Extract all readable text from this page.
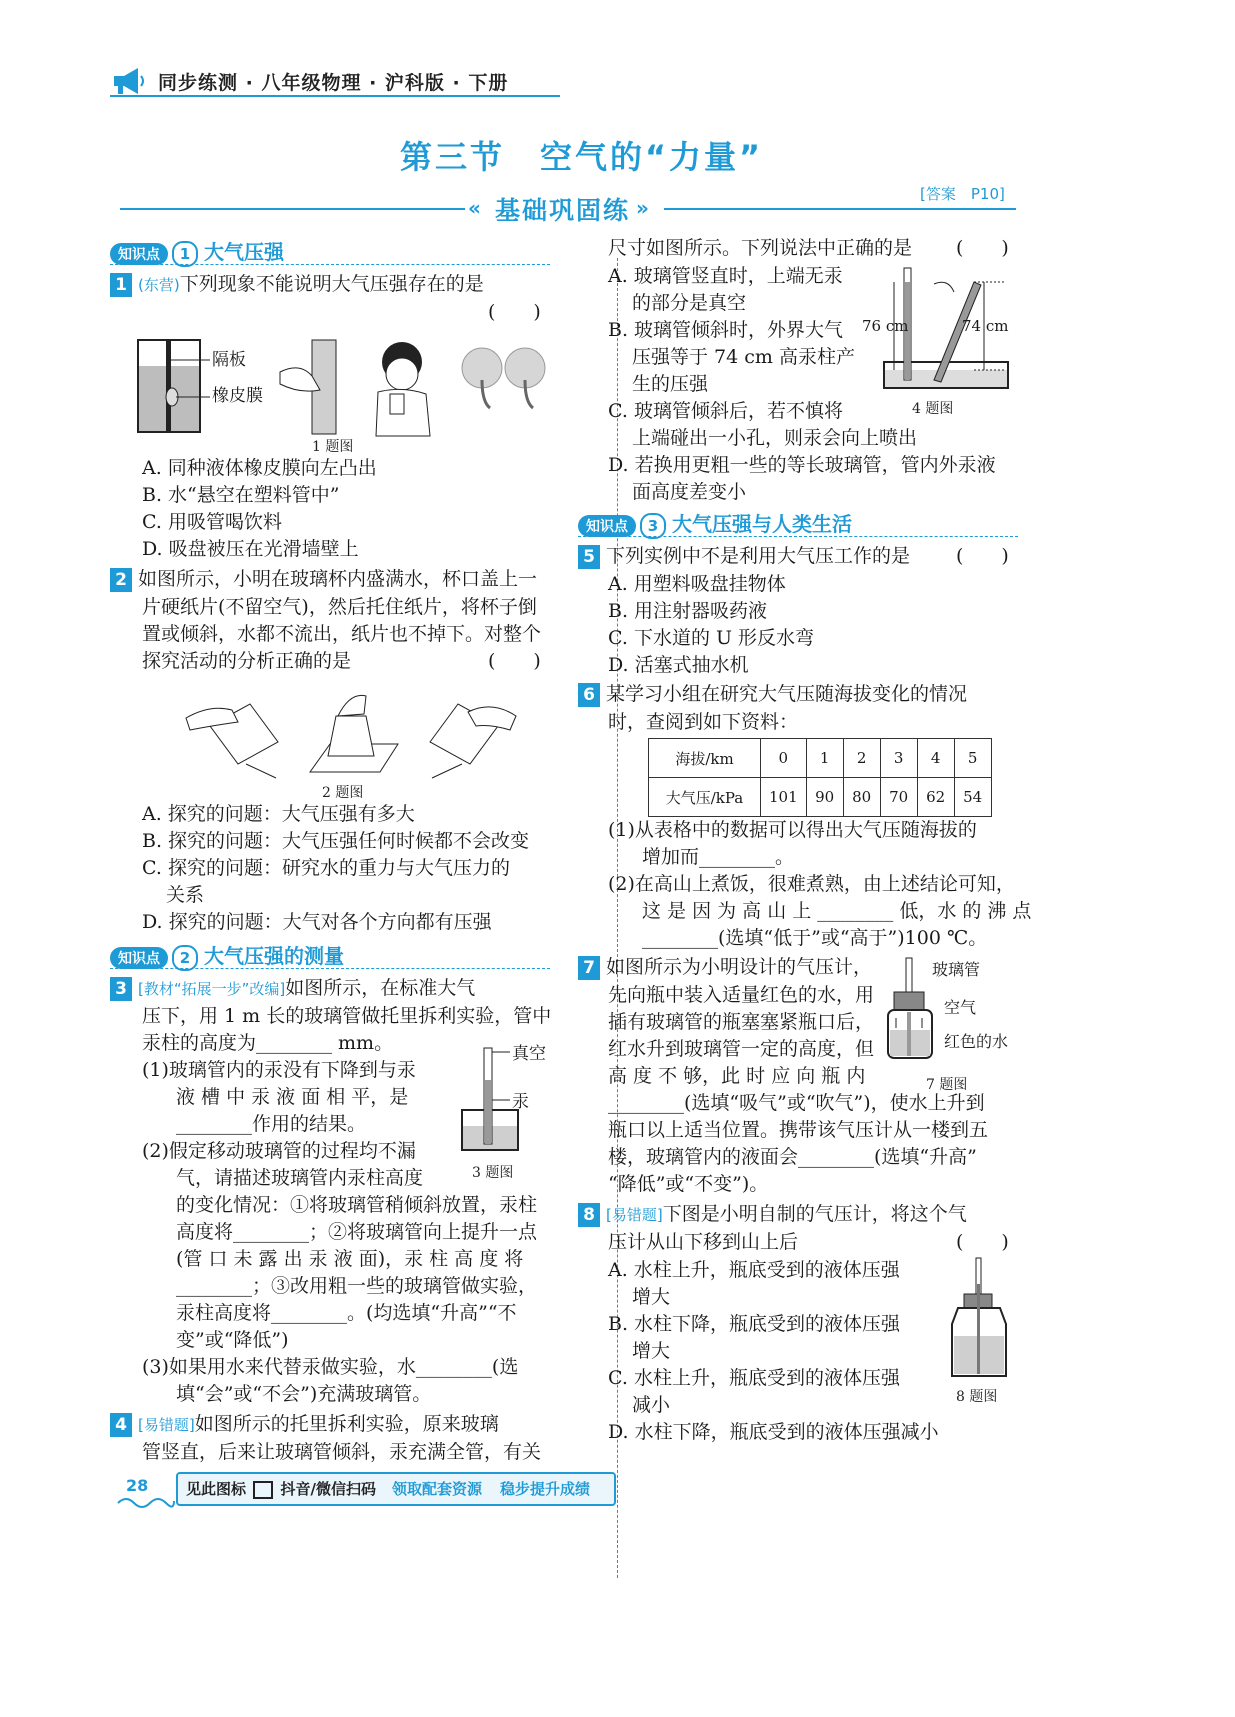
同步练测 · 八年级物理 · 沪科版 · 下册
第三节　空气的“力量”
« 基础巩固练 »
[答案　P10]
知识点 1 大气压强
1 (东营)下列现象不能说明大气压强存在的是
(　　)
隔板
橡皮膜
1 题图
A. 同种液体橡皮膜向左凸出
B. 水“悬空在塑料管中”
C. 用吸管喝饮料
D. 吸盘被压在光滑墙壁上
2 如图所示，小明在玻璃杯内盛满水，杯口盖上一
片硬纸片(不留空气)，然后托住纸片，将杯子倒
置或倾斜，水都不流出，纸片也不掉下。对整个
探究活动的分析正确的是	(　　)
2 题图
A. 探究的问题：大气压强有多大
B. 探究的问题：大气压强任何时候都不会改变
C. 探究的问题：研究水的重力与大气压力的
关系
D. 探究的问题：大气对各个方向都有压强
知识点 2 大气压强的测量
3 [教材“拓展一步”改编]如图所示，在标准大气
压下，用 1 m 长的玻璃管做托里拆利实验，管中
汞柱的高度为________ mm。
(1)玻璃管内的汞没有下降到与汞
液 槽 中 汞 液 面 相 平，是
________作用的结果。
(2)假定移动玻璃管的过程均不漏
气，请描述玻璃管内汞柱高度
的变化情况：①将玻璃管稍倾斜放置，汞柱
高度将________；②将玻璃管向上提升一点
(管 口 未 露 出 汞 液 面)，汞 柱 高 度 将
________；③改用粗一些的玻璃管做实验，
汞柱高度将________。(均选填“升高”“不
变”或“降低”)
(3)如果用水来代替汞做实验，水________(选
填“会”或“不会”)充满玻璃管。
真空
汞
3 题图
4 [易错题]如图所示的托里拆利实验，原来玻璃
管竖直，后来让玻璃管倾斜，汞充满全管，有关
尺寸如图所示。下列说法中正确的是 (　　)
A. 玻璃管竖直时，上端无汞
的部分是真空
B. 玻璃管倾斜时，外界大气
压强等于 74 cm 高汞柱产
生的压强
C. 玻璃管倾斜后，若不慎将
上端碰出一小孔，则汞会向上喷出
D. 若换用更粗一些的等长玻璃管，管内外汞液
面高度差变小
76 cm	74 cm
4 题图
知识点 3 大气压强与人类生活
5 下列实例中不是利用大气压工作的是 (　　)
A. 用塑料吸盘挂物体
B. 用注射器吸药液
C. 下水道的 U 形反水弯
D. 活塞式抽水机
6 某学习小组在研究大气压随海拔变化的情况
时，查阅到如下资料：
海拔/km	0	1	2	3	4	5
大气压/kPa	101	90	80	70	62	54
(1)从表格中的数据可以得出大气压随海拔的
增加而________。
(2)在高山上煮饭，很难煮熟，由上述结论可知，
这 是 因 为 高 山 上 ________ 低，水 的 沸 点
________(选填“低于”或“高于”)100 ℃。
7 如图所示为小明设计的气压计，
先向瓶中装入适量红色的水，用
插有玻璃管的瓶塞塞紧瓶口后，
红水升到玻璃管一定的高度，但
高 度 不 够，此 时 应 向 瓶 内
________(选填“吸气”或“吹气”)，使水上升到
瓶口以上适当位置。携带该气压计从一楼到五
楼，玻璃管内的液面会________(选填“升高”
“降低”或“不变”)。
玻璃管
空气
红色的水
7 题图
8 [易错题]下图是小明自制的气压计，将这个气
压计从山下移到山上后	(　　)
A. 水柱上升，瓶底受到的液体压强
增大
B. 水柱下降，瓶底受到的液体压强
增大
C. 水柱上升，瓶底受到的液体压强
减小
D. 水柱下降，瓶底受到的液体压强减小
8 题图
28	见此图标 抖音/微信扫码 领取配套资源 稳步提升成绩
